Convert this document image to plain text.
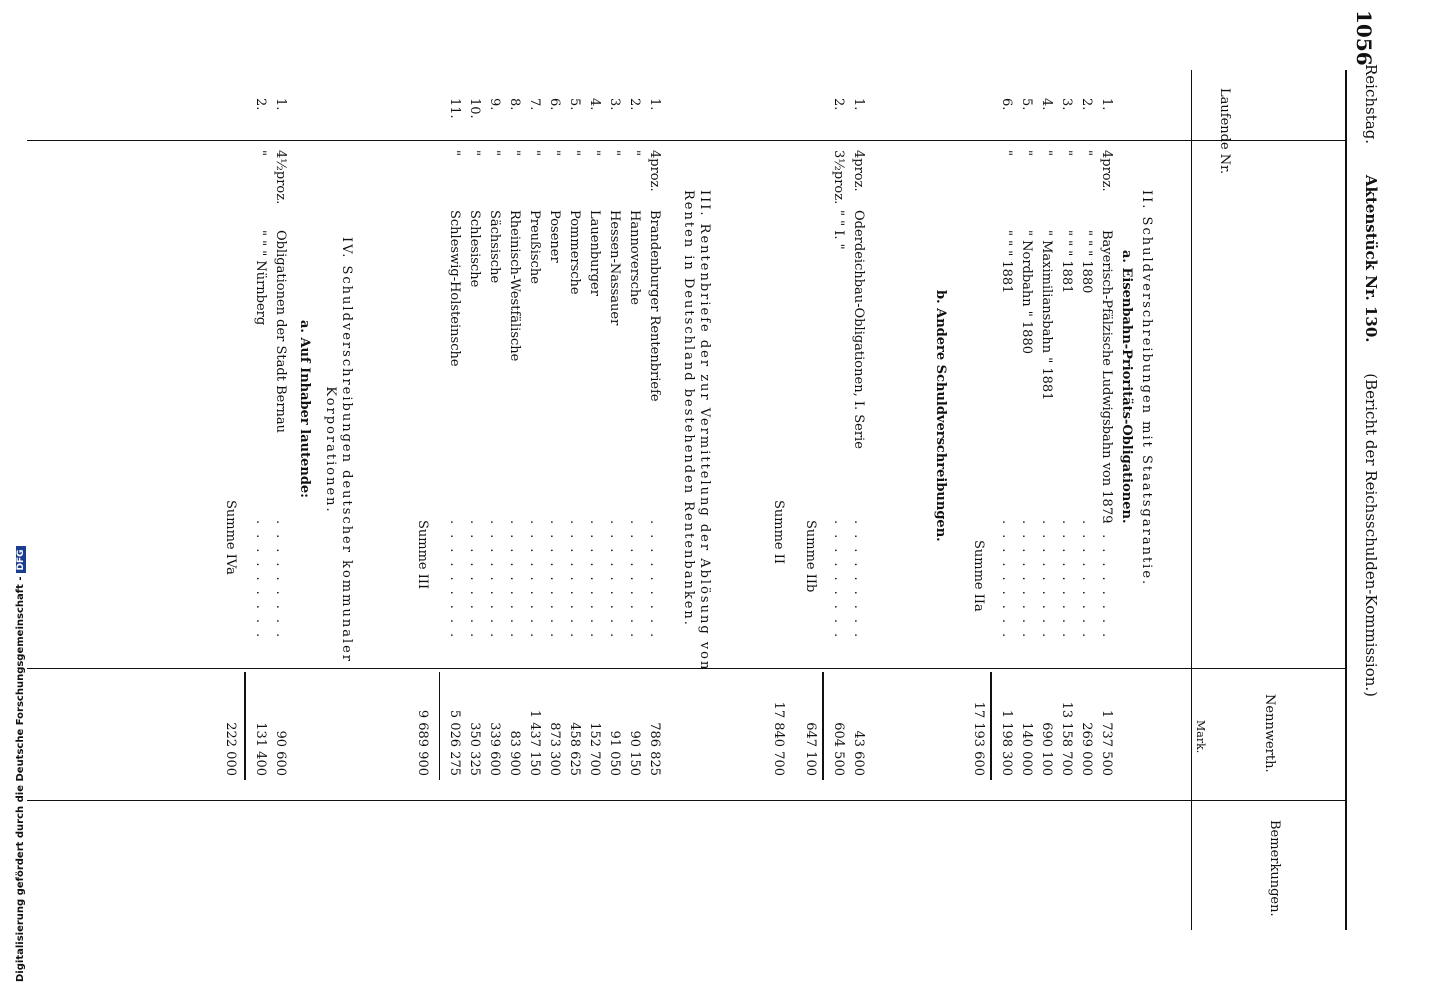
1056
Reichstag. Aktenstück Nr. 130. (Bericht der Reichsschulden-Kommission.)
Laufende Nr.
Nennwerth.
Mark.
Bemerkungen.
II. Schuldverschreibungen mit Staatsgarantie.
a. Eisenbahn-Prioritäts-Obligationen.
1.
4proz.
Bayerisch-Pfälzische Ludwigsbahn von 1879
.........
1 737 500
2.
"
" " " 1880
.........
269 000
3.
"
" " " 1881
.........
13 158 700
4.
"
" Maximiliansbahn " 1881
.........
690 100
5.
"
" Nordbahn " 1880
.........
140 000
6.
"
" " " 1881
.........
1 198 300
Summe IIa
17 193 600
b. Andere Schuldverschreibungen.
1.
4proz.
Oderdeichbau-Obligationen, I. Serie
.........
43 600
2.
3½proz.
" " I. "
.........
604 500
Summe IIb
647 100
Summe II
17 840 700
III. Rentenbriefe der zur Vermittelung der Ablösung von Renten in Deutschland bestehenden Rentenbanken.
1.
4proz.
Brandenburger Rentenbriefe
.........
786 825
2.
"
Hannoversche
.........
90 150
3.
"
Hessen-Nassauer
.........
91 050
4.
"
Lauenburger
.........
152 700
5.
"
Pommersche
.........
458 625
6.
"
Posener
.........
873 300
7.
"
Preußische
.........
1 437 150
8.
"
Rheinisch-Westfälische
.........
83 900
9.
"
Sächsische
.........
339 600
10.
"
Schlesische
.........
350 325
11.
"
Schleswig-Holsteinsche
.........
5 026 275
Summe III
9 689 900
IV. Schuldverschreibungen deutscher kommunaler Korporationen.
a. Auf Inhaber lautende:
1.
4½proz.
Obligationen der Stadt Bernau
.........
90 600
2.
"
" " " Nürnberg
.........
131 400
Summe IVa
222 000
Digitalisierung gefördert durch die Deutsche Forschungsgemeinschaft -DFG
